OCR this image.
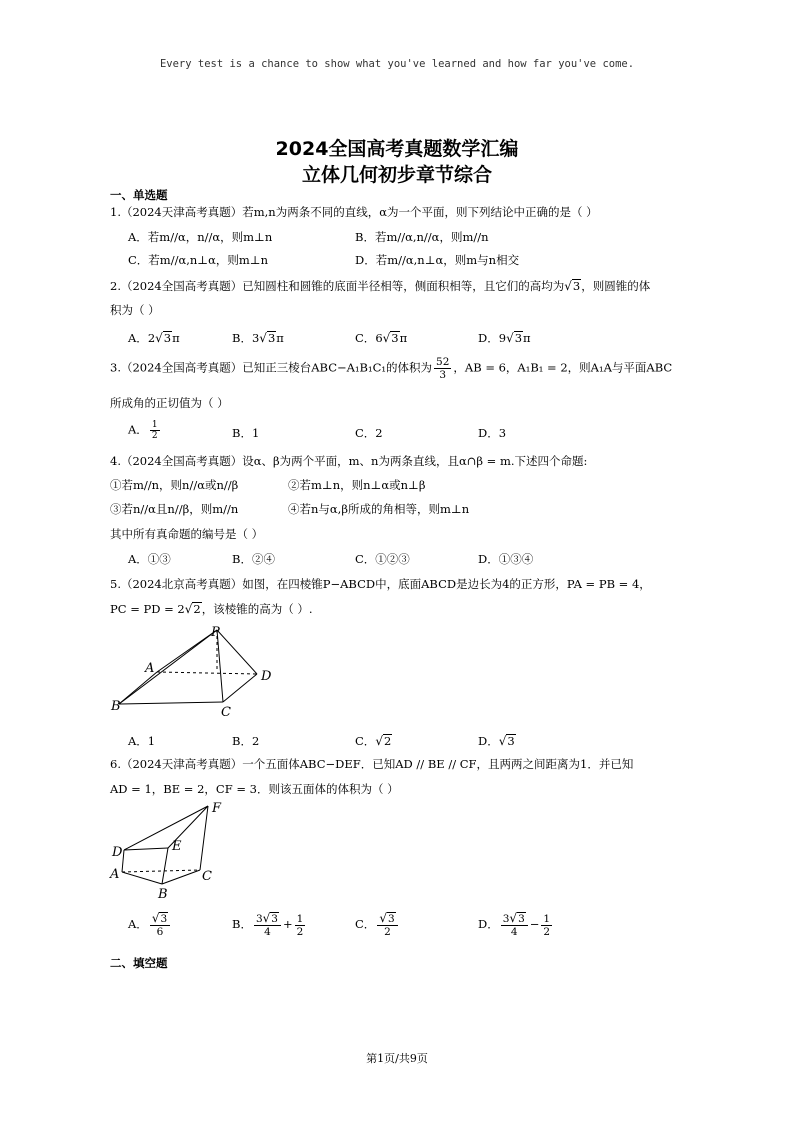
Every test is a chance to show what you've learned and how far you've come.
2024全国高考真题数学汇编
立体几何初步章节综合
一、单选题
1.（2024天津高考真题）若m,n为两条不同的直线，α为一个平面，则下列结论中正确的是（ ）
A．若m//α，n//α，则m⊥n	B．若m//α,n//α，则m//n
C．若m//α,n⊥α，则m⊥n	D．若m//α,n⊥α，则m与n相交
2.（2024全国高考真题）已知圆柱和圆锥的底面半径相等，侧面积相等，且它们的高均为√3，则圆锥的体
积为（ ）
A．2√3π	B．3√3π	C．6√3π	D．9√3π
3.（2024全国高考真题）已知正三棱台ABC−A₁B₁C₁的体积为 $\frac{52}{3}$ ，AB = 6，A₁B₁ = 2，则A₁A与平面ABC
所成角的正切值为（ ）
A． $\frac{1}{2}$	B．1	C．2	D．3
4.（2024全国高考真题）设α、β为两个平面，m、n为两条直线，且α∩β = m.下述四个命题:
①若m//n，则n//α或n//β	②若m⊥n，则n⊥α或n⊥β
③若n//α且n//β，则m//n	④若n与α,β所成的角相等，则m⊥n
其中所有真命题的编号是（ ）
A．①③	B．②④	C．①②③	D．①③④
5.（2024北京高考真题）如图，在四棱锥P−ABCD中，底面ABCD是边长为4的正方形，PA = PB = 4，
PC = PD = 2√2，该棱锥的高为（ ）.
P
A
D
B	C
A．1	B．2	C．√2	D．√3
6.（2024天津高考真题）一个五面体ABC−DEF．已知AD // BE // CF，且两两之间距离为1．并已知
AD = 1，BE = 2，CF = 3．则该五面体的体积为（ ）
F
E
D
A	C
B
A． $\frac{√3}{6}$	B． $\frac{3√3}{4} + \frac{1}{2}$	C． $\frac{√3}{2}$	D． $\frac{3√3}{4} - \frac{1}{2}$
二、填空题
第1页/共9页
